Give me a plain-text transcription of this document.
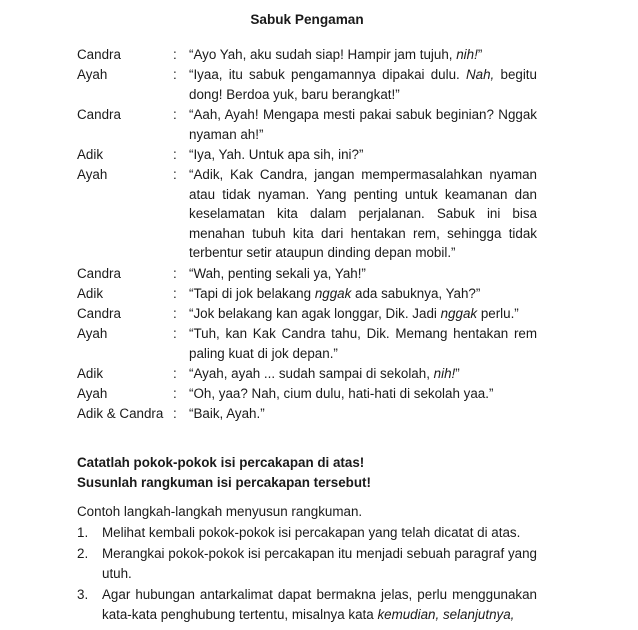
Sabuk Pengaman
Candra	: “Ayo Yah, aku sudah siap! Hampir jam tujuh, nih!”
Ayah	: “Iyaa, itu sabuk pengamannya dipakai dulu. Nah, begitu dong! Berdoa yuk, baru berangkat!”
Candra	: “Aah, Ayah! Mengapa mesti pakai sabuk beginian? Nggak nyaman ah!”
Adik	: “Iya, Yah. Untuk apa sih, ini?”
Ayah	: “Adik, Kak Candra, jangan mempermasalahkan nyaman atau tidak nyaman. Yang penting untuk keamanan dan keselamatan kita dalam perjalanan. Sabuk ini bisa menahan tubuh kita dari hentakan rem, sehingga tidak terbentur setir ataupun dinding depan mobil.”
Candra	: “Wah, penting sekali ya, Yah!”
Adik	: “Tapi di jok belakang nggak ada sabuknya, Yah?”
Candra	: “Jok belakang kan agak longgar, Dik. Jadi nggak perlu.”
Ayah	: “Tuh, kan Kak Candra tahu, Dik. Memang hentakan rem paling kuat di jok depan.”
Adik	: “Ayah, ayah ... sudah sampai di sekolah, nih!”
Ayah	: “Oh, yaa? Nah, cium dulu, hati-hati di sekolah yaa.”
Adik & Candra : “Baik, Ayah.”
Catatlah pokok-pokok isi percakapan di atas!
Susunlah rangkuman isi percakapan tersebut!
Contoh langkah-langkah menyusun rangkuman.
1.	Melihat kembali pokok-pokok isi percakapan yang telah dicatat di atas.
2.	Merangkai pokok-pokok isi percakapan itu menjadi sebuah paragraf yang utuh.
3.	Agar hubungan antarkalimat dapat bermakna jelas, perlu menggunakan kata-kata penghubung tertentu, misalnya kata kemudian, selanjutnya,
